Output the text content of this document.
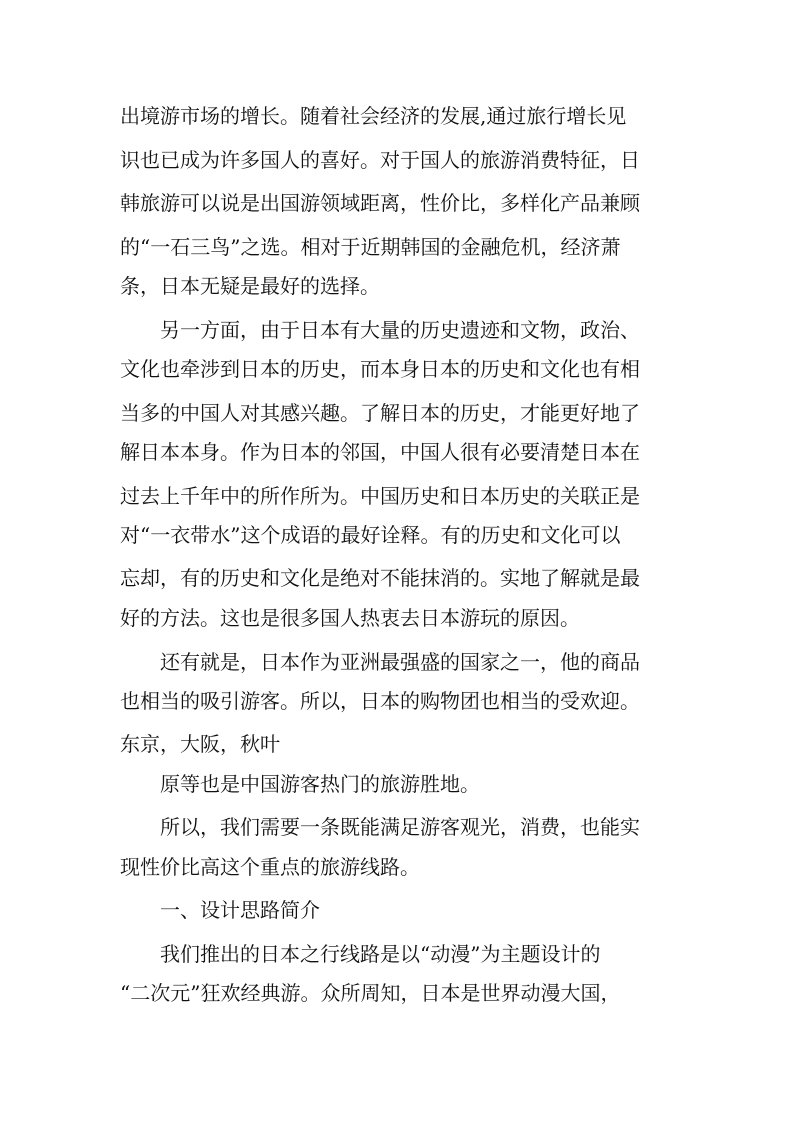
出境游市场的增长。随着社会经济的发展,通过旅行增长见
识也已成为许多国人的喜好。对于国人的旅游消费特征，日
韩旅游可以说是出国游领域距离，性价比，多样化产品兼顾
的“一石三鸟”之选。相对于近期韩国的金融危机，经济萧
条，日本无疑是最好的选择。
另一方面，由于日本有大量的历史遗迹和文物，政治、
文化也牵涉到日本的历史，而本身日本的历史和文化也有相
当多的中国人对其感兴趣。了解日本的历史，才能更好地了
解日本本身。作为日本的邻国，中国人很有必要清楚日本在
过去上千年中的所作所为。中国历史和日本历史的关联正是
对“一衣带水”这个成语的最好诠释。有的历史和文化可以
忘却，有的历史和文化是绝对不能抹消的。实地了解就是最
好的方法。这也是很多国人热衷去日本游玩的原因。
还有就是，日本作为亚洲最强盛的国家之一，他的商品
也相当的吸引游客。所以，日本的购物团也相当的受欢迎。
东京，大阪，秋叶
原等也是中国游客热门的旅游胜地。
所以，我们需要一条既能满足游客观光，消费，也能实
现性价比高这个重点的旅游线路。
一、设计思路简介
我们推出的日本之行线路是以“动漫”为主题设计的
“二次元”狂欢经典游。众所周知，日本是世界动漫大国，
